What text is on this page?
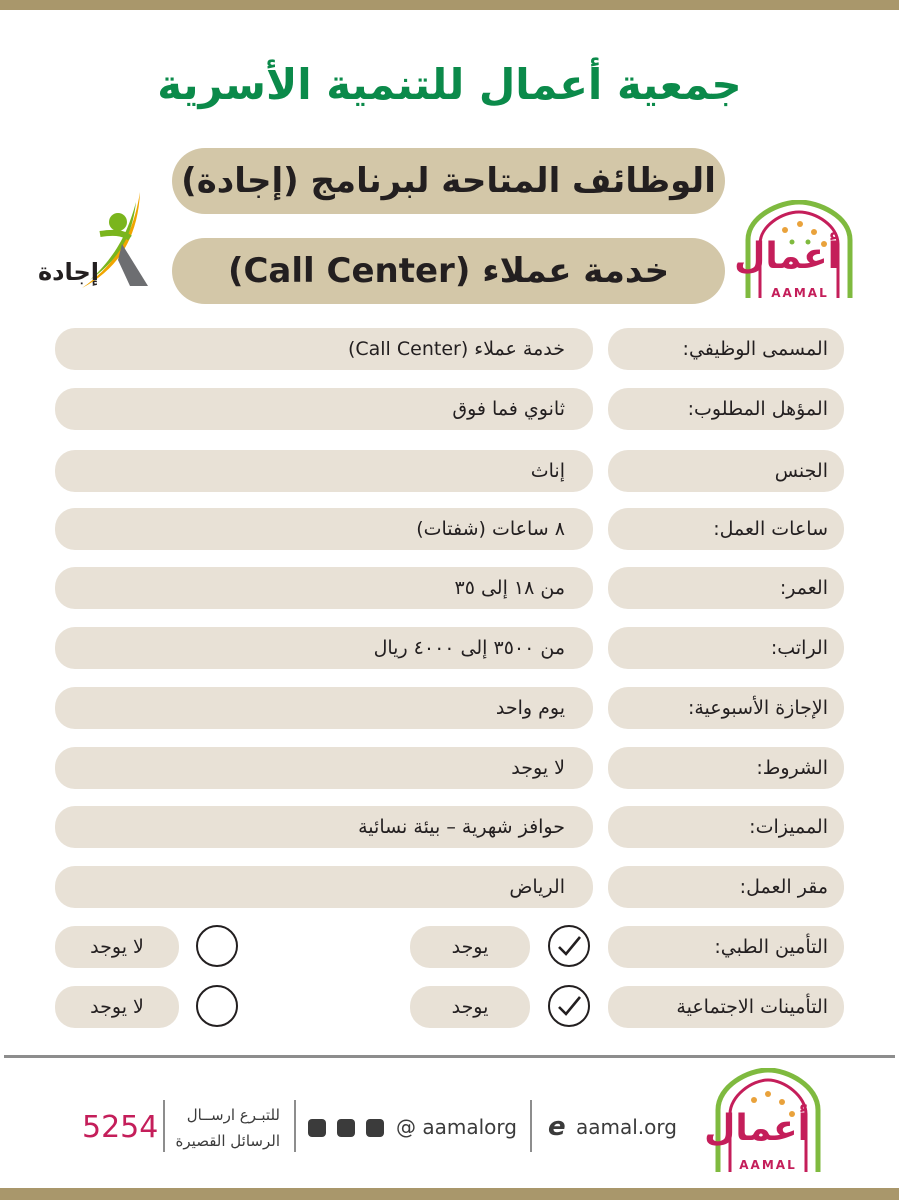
جمعية أعمال للتنمية الأسرية
الوظائف المتاحة لبرنامج (إجادة)
خدمة عملاء (Call Center)
إجادة	أعمال
AAMAL
المسمى الوظيفي:
خدمة عملاء (Call Center)
المؤهل المطلوب:
ثانوي فما فوق
الجنس
إناث
ساعات العمل:
٨ ساعات (شفتات)
العمر:
من ١٨ إلى ٣٥
الراتب:
من ٣٥٠٠ إلى ٤٠٠٠ ريال
الإجازة الأسبوعية:
يوم واحد
الشروط:
لا يوجد
المميزات:
حوافز شهرية – بيئة نسائية
مقر العمل:
الرياض
التأمين الطبي:
يوجد
لا يوجد
التأمينات الاجتماعية
يوجد
لا يوجد
أعمال
AAMAL
e aamal.org
@ aamalorg
للتبـرع ارســال
الرسائل القصيرة
5254
